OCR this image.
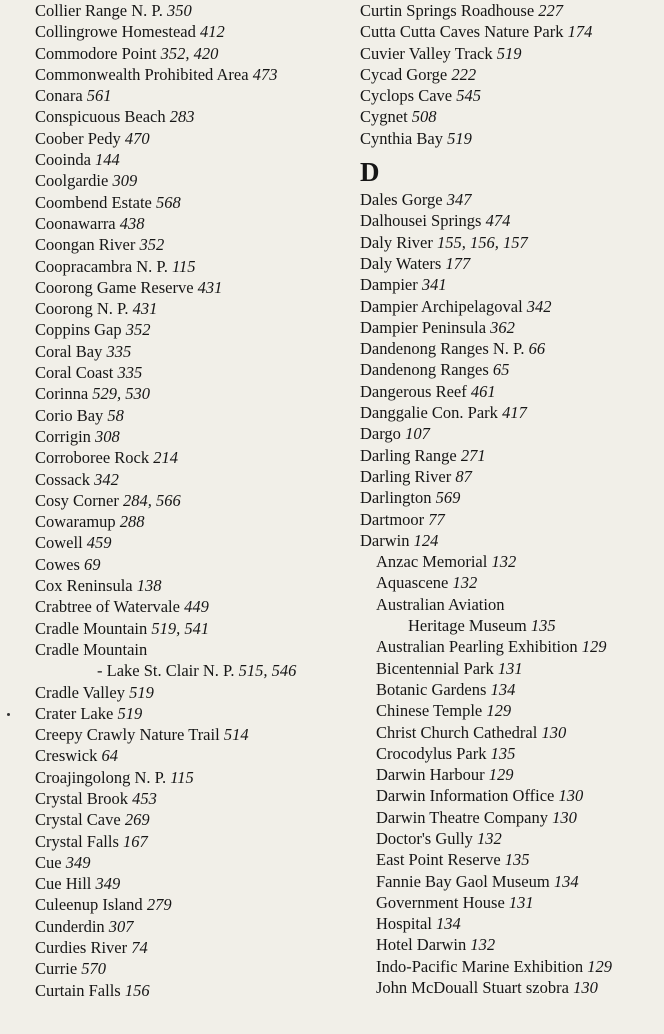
Collier Range N. P. 350
Collingrowe Homestead 412
Commodore Point 352, 420
Commonwealth Prohibited Area 473
Conara 561
Conspicuous Beach 283
Coober Pedy 470
Cooinda 144
Coolgardie 309
Coombend Estate 568
Coonawarra 438
Coongan River 352
Coopracambra N. P. 115
Coorong Game Reserve 431
Coorong N. P. 431
Coppins Gap 352
Coral Bay 335
Coral Coast 335
Corinna 529, 530
Corio Bay 58
Corrigin 308
Corroboree Rock 214
Cossack 342
Cosy Corner 284, 566
Cowaramup 288
Cowell 459
Cowes 69
Cox Reninsula 138
Crabtree of Watervale 449
Cradle Mountain 519, 541
Cradle Mountain
- Lake St. Clair N. P. 515, 546
Cradle Valley 519
Crater Lake 519
Creepy Crawly Nature Trail 514
Creswick 64
Croajingolong N. P. 115
Crystal Brook 453
Crystal Cave 269
Crystal Falls 167
Cue 349
Cue Hill 349
Culeenup Island 279
Cunderdin 307
Curdies River 74
Currie 570
Curtain Falls 156
Curtin Springs Roadhouse 227
Cutta Cutta Caves Nature Park 174
Cuvier Valley Track 519
Cycad Gorge 222
Cyclops Cave 545
Cygnet 508
Cynthia Bay 519
D
Dales Gorge 347
Dalhousei Springs 474
Daly River 155, 156, 157
Daly Waters 177
Dampier 341
Dampier Archipelagoval 342
Dampier Peninsula 362
Dandenong Ranges N. P. 66
Dandenong Ranges 65
Dangerous Reef 461
Danggalie Con. Park 417
Dargo 107
Darling Range 271
Darling River 87
Darlington 569
Dartmoor 77
Darwin 124
Anzac Memorial 132
Aquascene 132
Australian Aviation
Heritage Museum 135
Australian Pearling Exhibition 129
Bicentennial Park 131
Botanic Gardens 134
Chinese Temple 129
Christ Church Cathedral 130
Crocodylus Park 135
Darwin Harbour 129
Darwin Information Office 130
Darwin Theatre Company 130
Doctor's Gully 132
East Point Reserve 135
Fannie Bay Gaol Museum 134
Government House 131
Hospital 134
Hotel Darwin 132
Indo-Pacific Marine Exhibition 129
John McDouall Stuart szobra 130
